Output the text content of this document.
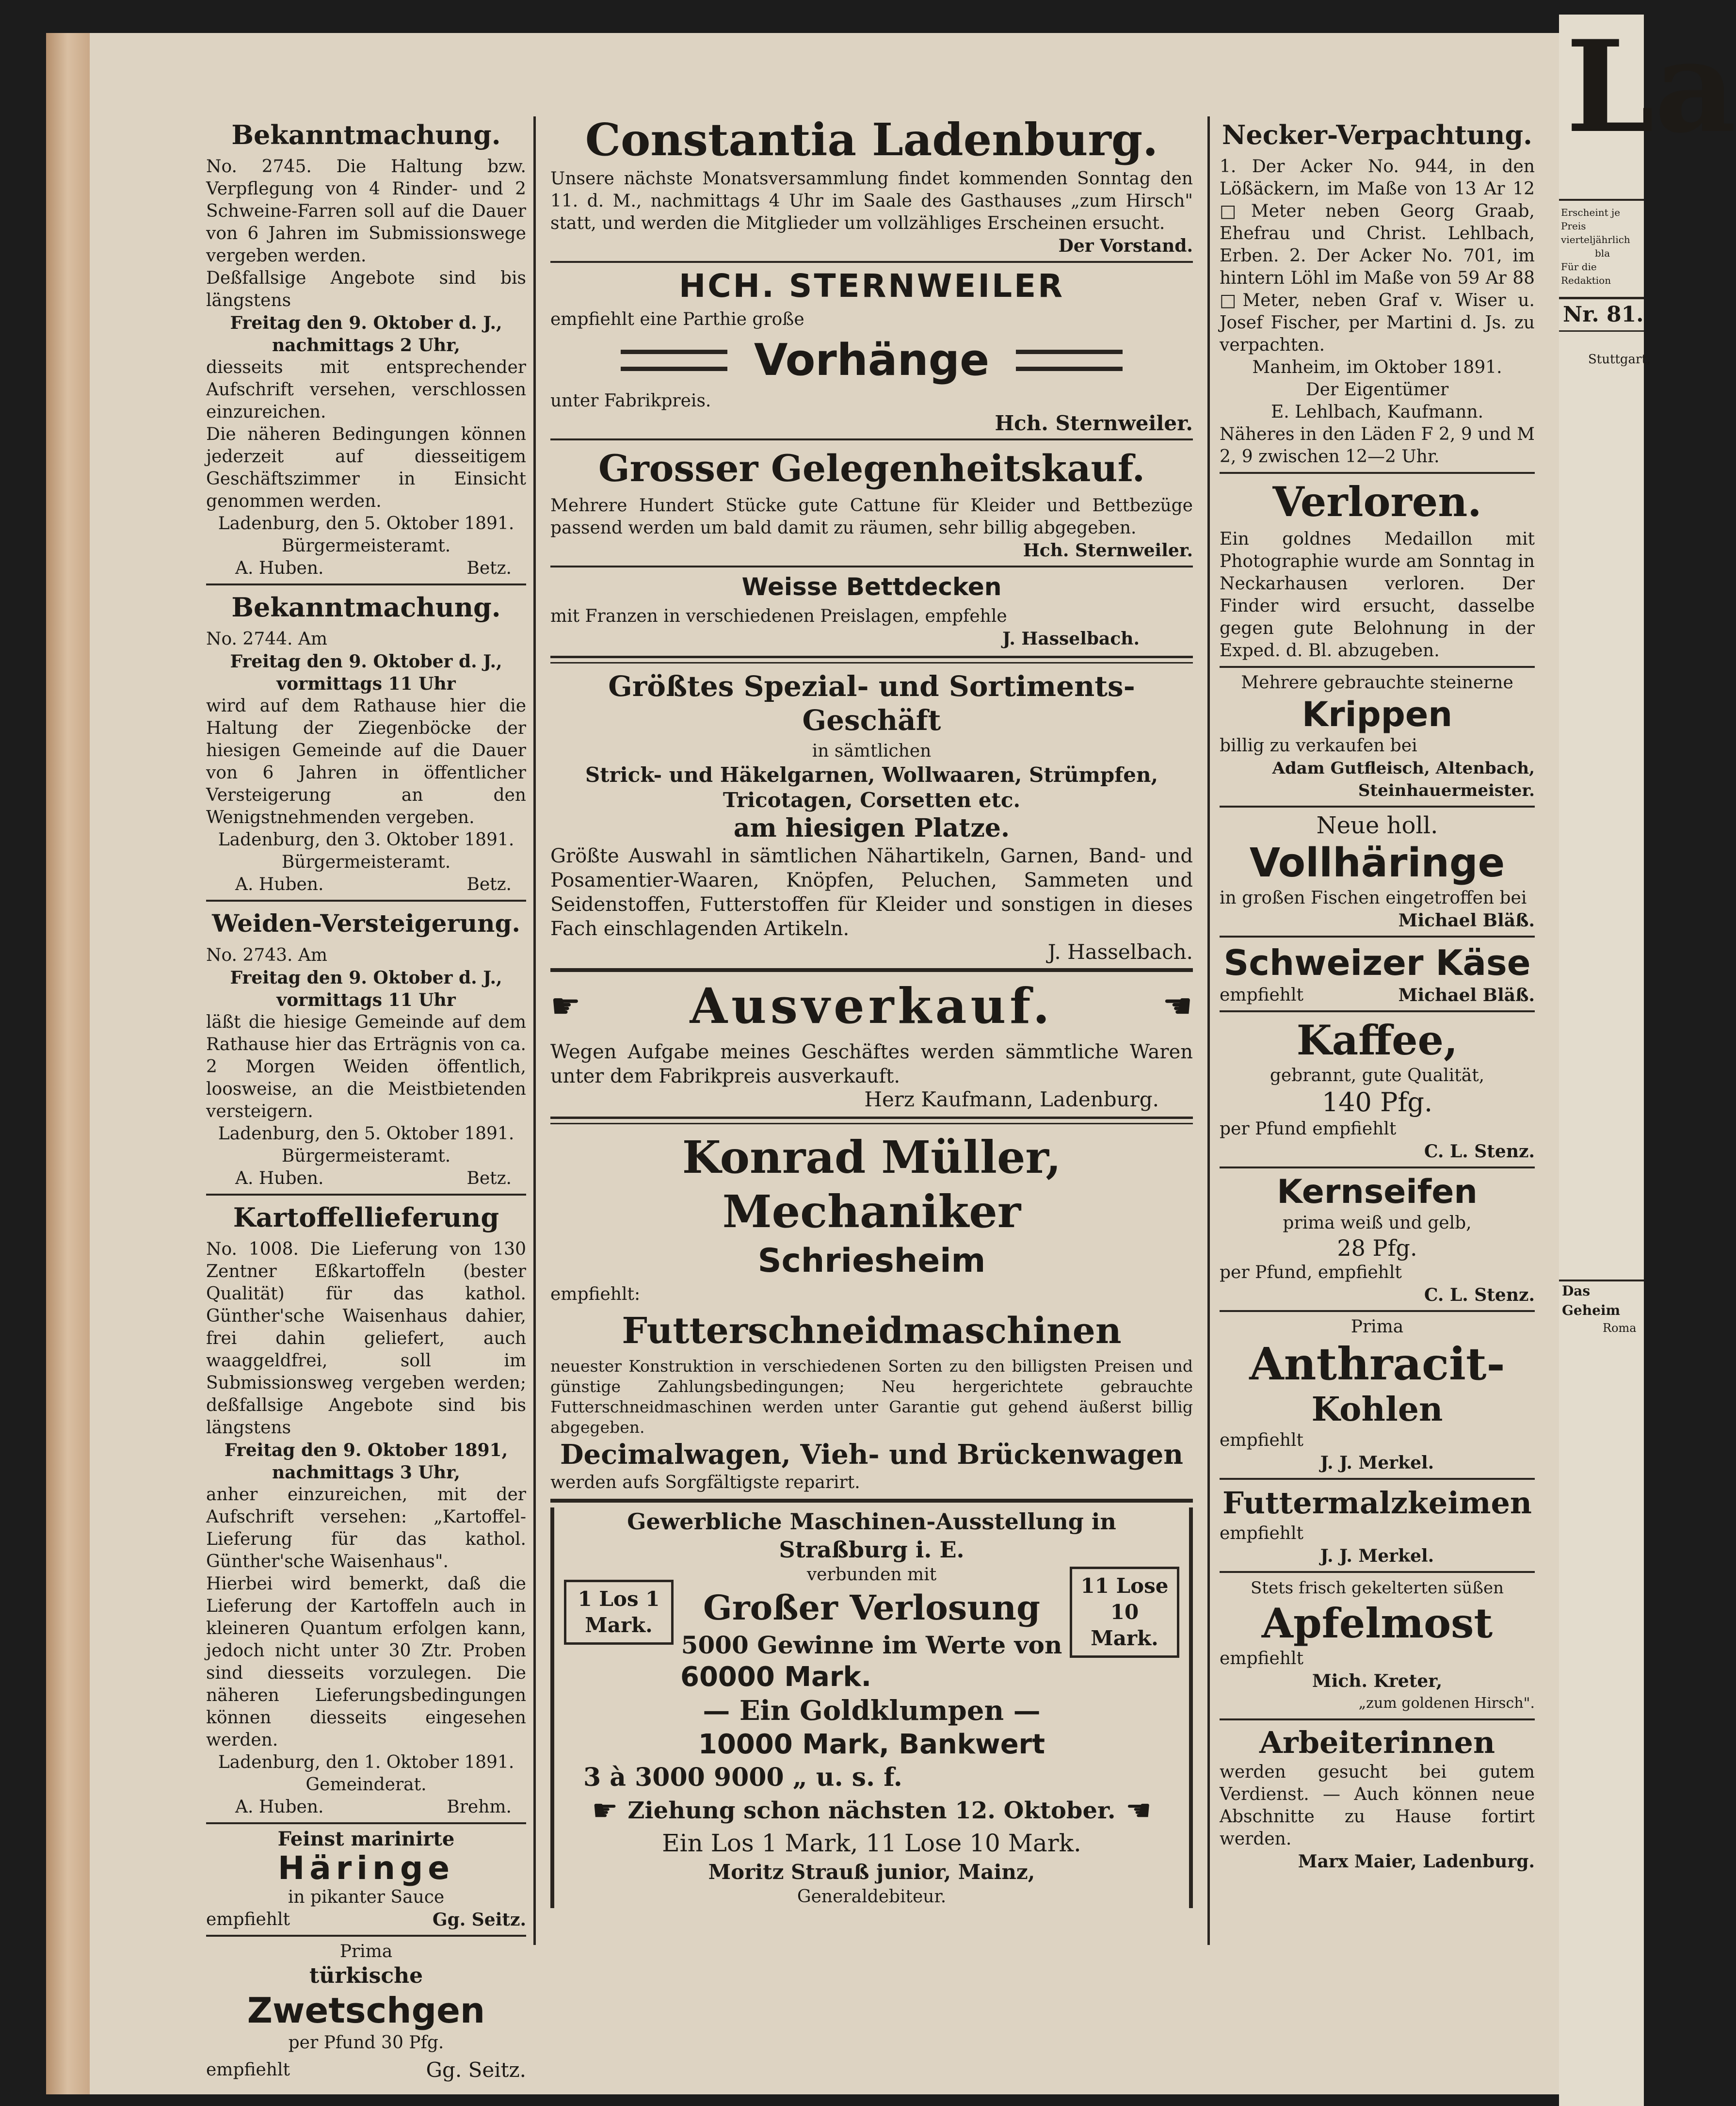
Bekanntmachung.

No. 2745. Die Haltung bzw. Verpflegung von 4 Rinder- und 2 Schweine-Farren soll auf die Dauer von 6 Jahren im Submissionswege vergeben werden.

Deßfallsige Angebote sind bis längstens

Freitag den 9. Oktober d. J., nachmittags 2 Uhr,

diesseits mit entsprechender Aufschrift versehen, verschlossen einzureichen.

Die näheren Bedingungen können jederzeit auf diesseitigem Geschäftszimmer in Einsicht genommen werden.

Ladenburg, den 5. Oktober 1891.

Bürgermeisteramt.

A. Huben.	Betz.

Bekanntmachung.

No. 2744. Am

Freitag den 9. Oktober d. J., vormittags 11 Uhr

wird auf dem Rathause hier die Haltung der Ziegenböcke der hiesigen Gemeinde auf die Dauer von 6 Jahren in öffentlicher Versteigerung an den Wenigstnehmenden vergeben.

Ladenburg, den 3. Oktober 1891.

Bürgermeisteramt.

A. Huben.	Betz.

Weiden-Versteigerung.

No. 2743. Am

Freitag den 9. Oktober d. J., vormittags 11 Uhr

läßt die hiesige Gemeinde auf dem Rathause hier das Erträgnis von ca. 2 Morgen Weiden öffentlich, loosweise, an die Meistbietenden versteigern.

Ladenburg, den 5. Oktober 1891.

Bürgermeisteramt.

A. Huben.	Betz.

Kartoffellieferung

No. 1008. Die Lieferung von 130 Zentner Eßkartoffeln (bester Qualität) für das kathol. Günther'sche Waisenhaus dahier, frei dahin geliefert, auch waaggeldfrei, soll im Submissionsweg vergeben werden; deßfallsige Angebote sind bis längstens

Freitag den 9. Oktober 1891, nachmittags 3 Uhr,

anher einzureichen, mit der Aufschrift versehen: „Kartoffel-Lieferung für das kathol. Günther'sche Waisenhaus".

Hierbei wird bemerkt, daß die Lieferung der Kartoffeln auch in kleineren Quantum erfolgen kann, jedoch nicht unter 30 Ztr. Proben sind diesseits vorzulegen. Die näheren Lieferungsbedingungen können diesseits eingesehen werden.

Ladenburg, den 1. Oktober 1891.

Gemeinderat.

A. Huben.	Brehm.

Feinst marinirte

Häringe

in pikanter Sauce

empfiehlt	Gg. Seitz.

Prima

türkische

Zwetschgen

per Pfund 30 Pfg.

empfiehlt	Gg. Seitz.

Constantia Ladenburg.

Unsere nächste Monatsversammlung findet kommenden Sonntag den 11. d. M., nachmittags 4 Uhr im Saale des Gasthauses „zum Hirsch" statt, und werden die Mitglieder um vollzähliges Erscheinen ersucht.

Der Vorstand.

HCH. STERNWEILER

empfiehlt eine Parthie große

Vorhänge

unter Fabrikpreis.

Hch. Sternweiler.

Grosser Gelegenheitskauf.

Mehrere Hundert Stücke gute Cattune für Kleider und Bettbezüge passend werden um bald damit zu räumen, sehr billig abgegeben.

Hch. Sternweiler.

Weisse Bettdecken

mit Franzen in verschiedenen Preislagen, empfehle

J. Hasselbach.

Größtes Spezial- und Sortiments-Geschäft

in sämtlichen

Strick- und Häkelgarnen, Wollwaaren, Strümpfen, Tricotagen, Corsetten etc.

am hiesigen Platze.

Größte Auswahl in sämtlichen Nähartikeln, Garnen, Band- und Posamentier-Waaren, Knöpfen, Peluchen, Sammeten und Seidenstoffen, Futterstoffen für Kleider und sonstigen in dieses Fach einschlagenden Artikeln.

J. Hasselbach.

☛ Ausverkauf.	☛

Wegen Aufgabe meines Geschäftes werden sämmtliche Waren unter dem Fabrikpreis ausverkauft.

Herz Kaufmann, Ladenburg.

Konrad Müller, Mechaniker

Schriesheim

empfiehlt:

Futterschneidmaschinen

neuester Konstruktion in verschiedenen Sorten zu den billigsten Preisen und günstige Zahlungsbedingungen; Neu hergerichtete gebrauchte Futterschneidmaschinen werden unter Garantie gut gehend äußerst billig abgegeben.

Decimalwagen, Vieh- und Brückenwagen

werden aufs Sorgfältigste reparirt.

Gewerbliche Maschinen-Ausstellung in Straßburg i. E.

1 Los 1 Mark.

verbunden mit

Großer Verlosung

5000 Gewinne im Werte von

11 Lose 10 Mark.

60000 Mark.

— Ein Goldklumpen —

10000 Mark, Bankwert

3 à 3000 9000 „ u. s. f.

☛ Ziehung schon nächsten 12. Oktober. ☛

Ein Los 1 Mark, 11 Lose 10 Mark.

Moritz Strauß junior, Mainz,

Generaldebiteur.

Necker-Verpachtung.

1. Der Acker No. 944, in den Lößäckern, im Maße von 13 Ar 12 □Meter neben Georg Graab, Ehefrau und Christ. Lehlbach, Erben. 2. Der Acker No. 701, im hintern Löhl im Maße von 59 Ar 88 □Meter, neben Graf v. Wiser u. Josef Fischer, per Martini d. Js. zu verpachten.

Manheim, im Oktober 1891.

Der Eigentümer

E. Lehlbach, Kaufmann.

Näheres in den Läden F 2, 9 und M 2, 9 zwischen 12—2 Uhr.

Verloren.

Ein goldnes Medaillon mit Photographie wurde am Sonntag in Neckarhausen verloren. Der Finder wird ersucht, dasselbe gegen gute Belohnung in der Exped. d. Bl. abzugeben.

Mehrere gebrauchte steinerne

Krippen

billig zu verkaufen bei

Adam Gutfleisch, Altenbach, Steinhauermeister.

Neue holl.

Vollhäringe

in großen Fischen eingetroffen bei

Michael Bläß.

Schweizer Käse

empfiehlt	Michael Bläß.

Kaffee,

gebrannt, gute Qualität,

140 Pfg.

per Pfund empfiehlt

C. L. Stenz.

Kernseifen

prima weiß und gelb,

28 Pfg.

per Pfund, empfiehlt

C. L. Stenz.

Prima

Anthracit-

Kohlen

empfiehlt

J. J. Merkel.

Futtermalzkeimen

empfiehlt

J. J. Merkel.

Stets frisch gekelterten süßen

Apfelmost

empfiehlt

Mich. Kreter,

„zum goldenen Hirsch".

Arbeiterinnen

werden gesucht bei gutem Verdienst. — Auch können neue Abschnitte zu Hause fortirt werden.

Marx Maier, Ladenburg.

La
Erscheint je
Preis vierteljährlich
bla
Für die Redaktion
Nr. 81.
Stuttgart,
Das Geheim
Roma
